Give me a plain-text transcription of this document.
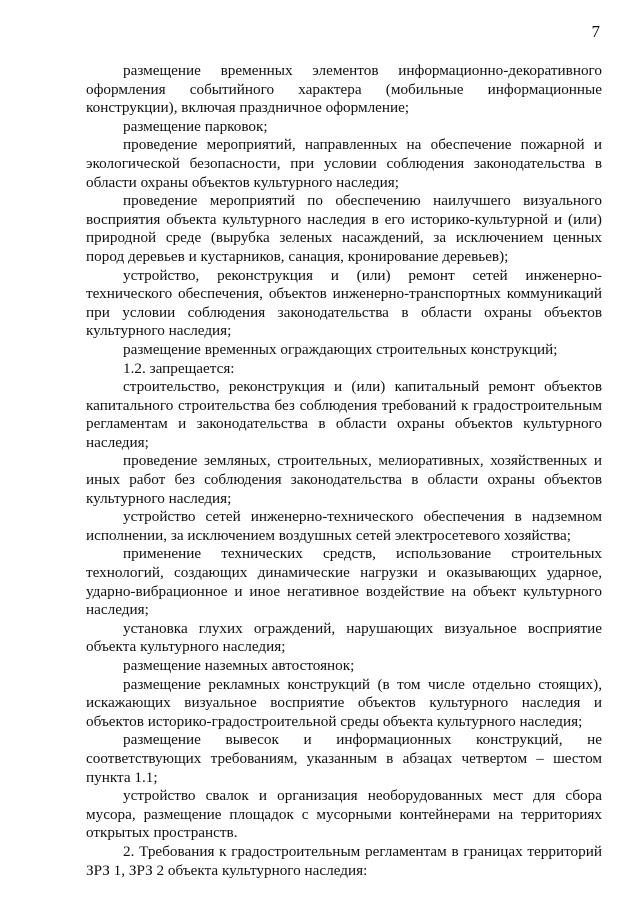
7

размещение временных элементов информационно-декоративного оформления событийного характера (мобильные информационные конструкции), включая праздничное оформление;

размещение парковок;

проведение мероприятий, направленных на обеспечение пожарной и экологической безопасности, при условии соблюдения законодательства в области охраны объектов культурного наследия;

проведение мероприятий по обеспечению наилучшего визуального восприятия объекта культурного наследия в его историко-культурной и (или) природной среде (вырубка зеленых насаждений, за исключением ценных пород деревьев и кустарников, санация, кронирование деревьев);

устройство, реконструкция и (или) ремонт сетей инженерно-технического обеспечения, объектов инженерно-транспортных коммуникаций при условии соблюдения законодательства в области охраны объектов культурного наследия;

размещение временных ограждающих строительных конструкций;

1.2. запрещается:

строительство, реконструкция и (или) капитальный ремонт объектов капитального строительства без соблюдения требований к градостроительным регламентам и законодательства в области охраны объектов культурного наследия;

проведение земляных, строительных, мелиоративных, хозяйственных и иных работ без соблюдения законодательства в области охраны объектов культурного наследия;

устройство сетей инженерно-технического обеспечения в надземном исполнении, за исключением воздушных сетей электросетевого хозяйства;

применение технических средств, использование строительных технологий, создающих динамические нагрузки и оказывающих ударное, ударно-вибрационное и иное негативное воздействие на объект культурного наследия;

установка глухих ограждений, нарушающих визуальное восприятие объекта культурного наследия;

размещение наземных автостоянок;

размещение рекламных конструкций (в том числе отдельно стоящих), искажающих визуальное восприятие объектов культурного наследия и объектов историко-градостроительной среды объекта культурного наследия;

размещение вывесок и информационных конструкций, не соответствующих требованиям, указанным в абзацах четвертом – шестом пункта 1.1;

устройство свалок и организация необорудованных мест для сбора мусора, размещение площадок с мусорными контейнерами на территориях открытых пространств.

2. Требования к градостроительным регламентам в границах территорий ЗРЗ 1, ЗРЗ 2 объекта культурного наследия:
